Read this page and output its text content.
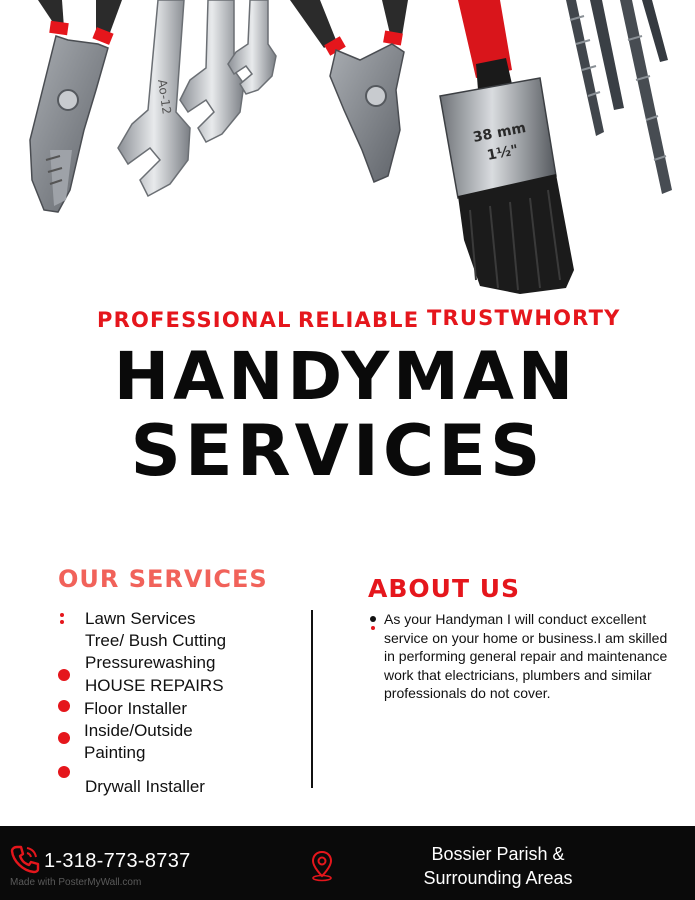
Ao-12
38 mm
1½"
PROFESSIONAL RELIABLE TRUSTWHORTY
HANDYMAN
SERVICES
OUR SERVICES
Lawn Services
Tree/ Bush Cutting
Pressurewashing
HOUSE REPAIRS
Floor Installer
Inside/Outside
Painting
Drywall Installer
ABOUT US
As your Handyman I will conduct excellent service on your home or business.I am skilled in performing general repair and maintenance work that electricians, plumbers and similar professionals do not cover.
1-318-773-8737	Bossier Parish &
Surrounding Areas
Made with PosterMyWall.com
